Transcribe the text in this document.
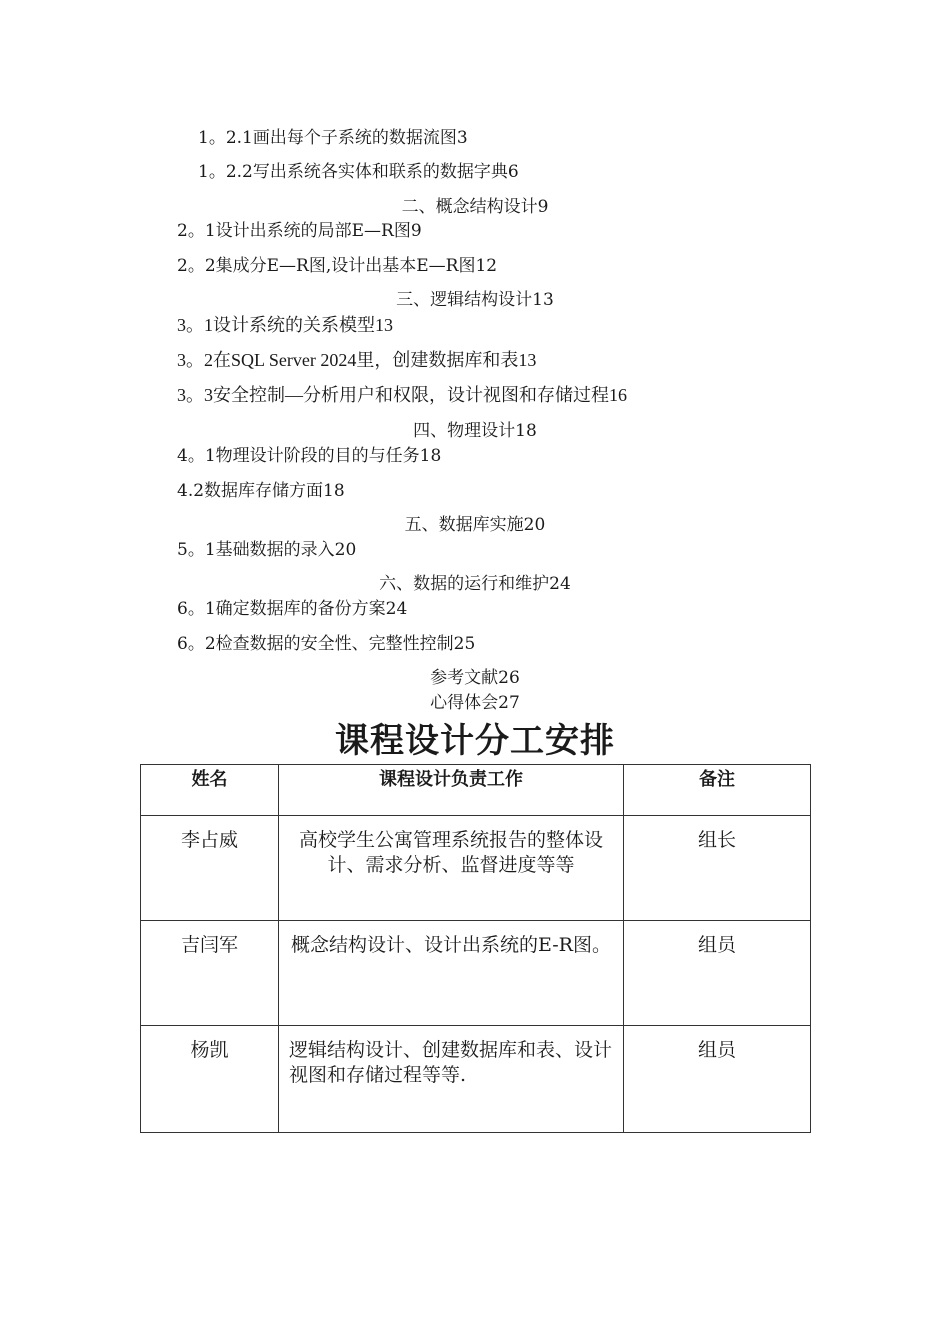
1。2.1画出每个子系统的数据流图3
1。2.2写出系统各实体和联系的数据字典6
二、概念结构设计9
2。1设计出系统的局部E—R图9
2。2集成分E—R图,设计出基本E—R图12
三、逻辑结构设计13
3。1设计系统的关系模型13
3。2在SQL Server 2024里，创建数据库和表13
3。3安全控制—分析用户和权限，设计视图和存储过程16
四、物理设计18
4。1物理设计阶段的目的与任务18
4.2数据库存储方面18
五、数据库实施20
5。1基础数据的录入20
六、数据的运行和维护24
6。1确定数据库的备份方案24
6。2检查数据的安全性、完整性控制25
参考文献26
心得体会27
课程设计分工安排
姓名	课程设计负责工作	备注
李占威	高校学生公寓管理系统报告的整体设计、需求分析、监督进度等等	组长
吉闫军	概念结构设计、设计出系统的E-R图。	组员
杨凯	逻辑结构设计、创建数据库和表、设计视图和存储过程等等.	组员
